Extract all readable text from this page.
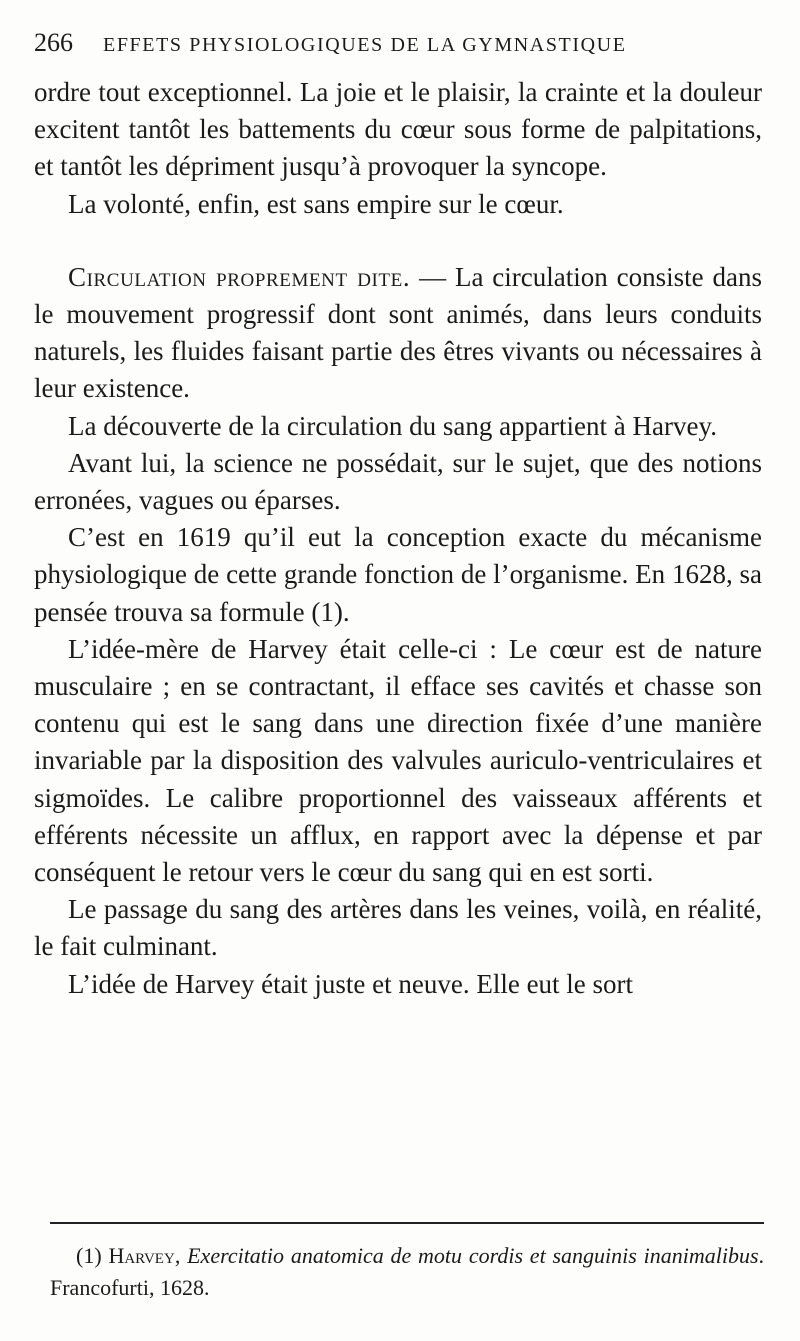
266 EFFETS PHYSIOLOGIQUES DE LA GYMNASTIQUE

ordre tout exceptionnel. La joie et le plaisir, la crainte et la douleur excitent tantôt les battements du cœur sous forme de palpitations, et tantôt les dépriment jusqu’à provoquer la syncope.

La volonté, enfin, est sans empire sur le cœur.

Circulation proprement dite. — La circulation consiste dans le mouvement progressif dont sont animés, dans leurs conduits naturels, les fluides faisant partie des êtres vivants ou nécessaires à leur existence.

La découverte de la circulation du sang appartient à Harvey.

Avant lui, la science ne possédait, sur le sujet, que des notions erronées, vagues ou éparses.

C’est en 1619 qu’il eut la conception exacte du mécanisme physiologique de cette grande fonction de l’organisme. En 1628, sa pensée trouva sa formule (1).

L’idée-mère de Harvey était celle-ci : Le cœur est de nature musculaire ; en se contractant, il efface ses cavités et chasse son contenu qui est le sang dans une direction fixée d’une manière invariable par la disposition des valvules auriculo-ventriculaires et sigmoïdes. Le calibre proportionnel des vaisseaux afférents et efférents nécessite un afflux, en rapport avec la dépense et par conséquent le retour vers le cœur du sang qui en est sorti.

Le passage du sang des artères dans les veines, voilà, en réalité, le fait culminant.

L’idée de Harvey était juste et neuve. Elle eut le sort

(1) Harvey, Exercitatio anatomica de motu cordis et sanguinis inanimalibus. Francofurti, 1628.
